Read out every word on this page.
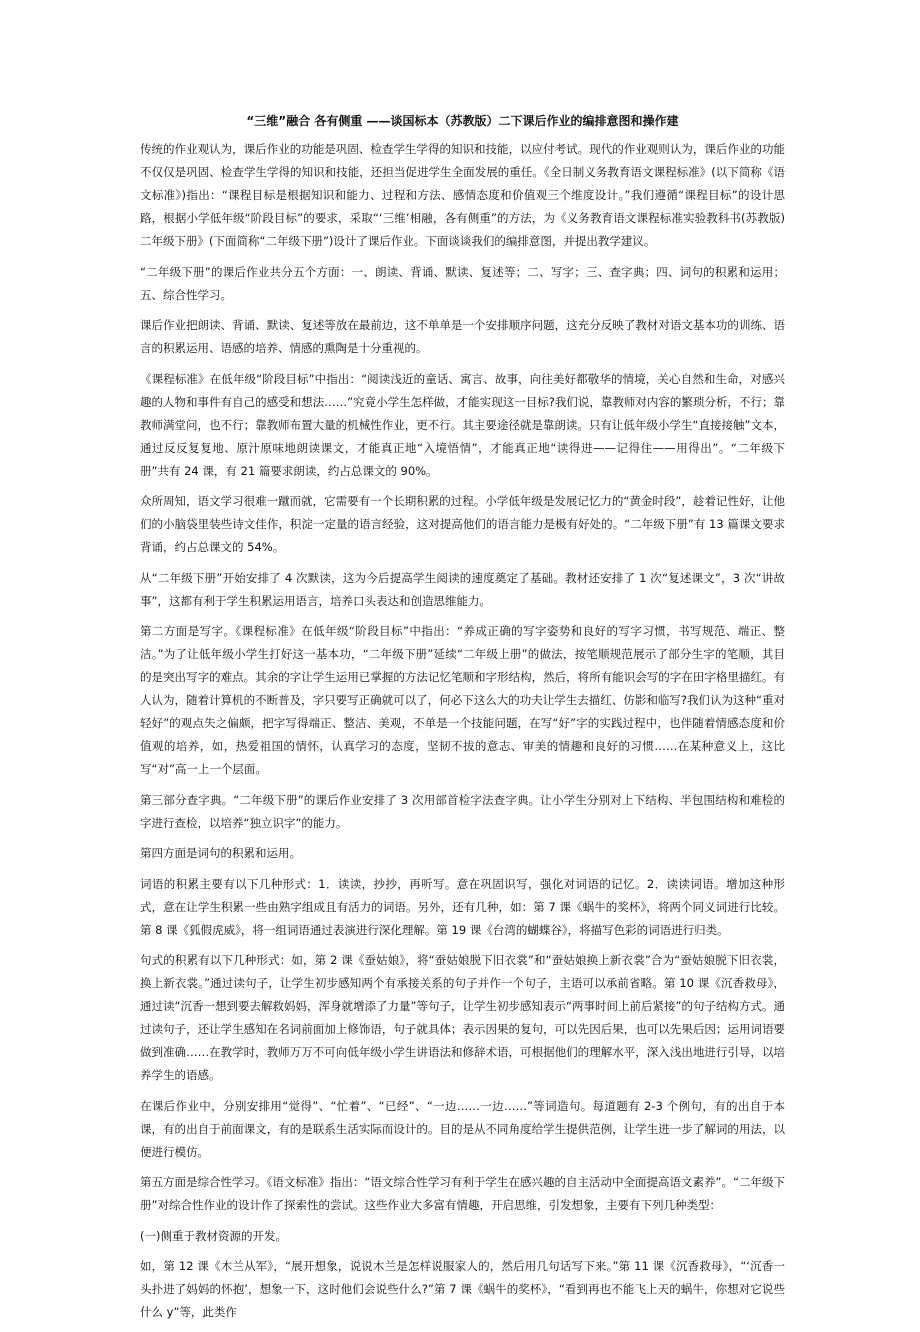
“三维”融合 各有侧重 ——谈国标本（苏教版）二下课后作业的编排意图和操作建

传统的作业观认为，课后作业的功能是巩固、检查学生学得的知识和技能，以应付考试。现代的作业观则认为，课后作业的功能不仅仅是巩固、检查学生学得的知识和技能，还担当促进学生全面发展的重任。《全日制义务教育语文课程标准》(以下简称《语文标准》)指出：“课程目标是根据知识和能力、过程和方法、感情态度和价值观三个维度设计。”我们遵循“课程目标”的设计思路，根据小学低年级“阶段目标”的要求，采取“‘三维’相融，各有侧重”的方法，为《义务教育语文课程标准实验教科书(苏教版)二年级下册》(下面简称“二年级下册”)设计了课后作业。下面谈谈我们的编排意图，并提出教学建议。

“二年级下册”的课后作业共分五个方面：一、朗读、背诵、默读、复述等；二、写字；三、查字典；四、词句的积累和运用；五、综合性学习。

课后作业把朗读、背诵、默读、复述等放在最前边，这不单单是一个安排顺序问题，这充分反映了教材对语文基本功的训练、语言的积累运用、语感的培养、情感的熏陶是十分重视的。

《课程标准》在低年级“阶段目标”中指出：“阅读浅近的童话、寓言、故事，向往美好都敬华的情境，关心自然和生命，对感兴趣的人物和事件有自己的感受和想法……”究竟小学生怎样做，才能实现这一目标?我们说，靠教师对内容的繁琐分析，不行；靠教师满堂问，也不行；靠教师布置大量的机械性作业，更不行。其主要途径就是靠朗读。只有让低年级小学生“直接接触”文本，通过反反复复地、原汁原味地朗读课文，才能真正地“入境悟情”，才能真正地“读得进——记得住——用得出”。“二年级下册”共有 24 课，有 21 篇要求朗读，约占总课文的 90%。

众所周知，语文学习很难一蹴而就，它需要有一个长期积累的过程。小学低年级是发展记忆力的“黄金时段”，趁着记性好，让他们的小脑袋里装些诗文佳作，积淀一定量的语言经验，这对提高他们的语言能力是极有好处的。“二年级下册”有 13 篇课文要求背诵，约占总课文的 54%。

从“二年级下册”开始安排了 4 次默读，这为今后提高学生阅读的速度奠定了基础。教材还安排了 1 次“复述课文”，3 次“讲故事”，这都有利于学生积累运用语言，培养口头表达和创造思维能力。

第二方面是写字。《课程标准》在低年级“阶段目标”中指出：“养成正确的写字姿势和良好的写字习惯，书写规范、端正、整洁。”为了让低年级小学生打好这一基本功，“二年级下册”延续“二年级上册”的做法，按笔顺规范展示了部分生字的笔顺，其目的是突出写字的难点。其余的字让学生运用已掌握的方法记忆笔顺和字形结构，然后，将所有能识会写的字在田字格里描红。有人认为，随着计算机的不断普及，字只要写正确就可以了，何必下这么大的功夫让学生去描红、仿影和临写?我们认为这种“重对轻好”的观点失之偏颇，把字写得端正、整洁、美观，不单是一个技能问题，在写“好”字的实践过程中，也伴随着情感态度和价值观的培养，如，热爱祖国的情怀，认真学习的态度，坚韧不拔的意志、审美的情趣和良好的习惯……在某种意义上，这比写“对”高一上一个层面。

第三部分查字典。“二年级下册”的课后作业安排了 3 次用部首检字法查字典。让小学生分别对上下结构、半包围结构和难检的字进行查检，以培养“独立识字”的能力。

第四方面是词句的积累和运用。

词语的积累主要有以下几种形式：1．读读，抄抄，再听写。意在巩固识写，强化对词语的记忆。2．读读词语。增加这种形式，意在让学生积累一些由熟字组成且有活力的词语。另外，还有几种，如：第 7 课《蜗牛的奖杯》，将两个同义词进行比较。第 8 课《狐假虎威》，将一组词语通过表演进行深化理解。第 19 课《台湾的蝴蝶谷》，将描写色彩的词语进行归类。

句式的积累有以下几种形式：如，第 2 课《蚕姑娘》，将“蚕姑娘脱下旧衣裳”和“蚕姑娘换上新衣裳”合为“蚕姑娘脱下旧衣裳，换上新衣裳。”通过读句子，让学生初步感知两个有承接关系的句子并作一个句子，主语可以承前省略。第 10 课《沉香救母》，通过读“沉香一想到要去解救妈妈，浑身就增添了力量”等句子，让学生初步感知表示“两事时间上前后紧接”的句子结构方式。通过读句子，还让学生感知在名词前面加上修饰语，句子就具体；表示因果的复句，可以先因后果，也可以先果后因；运用词语要做到准确……在教学时，教师万万不可向低年级小学生讲语法和修辞术语，可根据他们的理解水平，深入浅出地进行引导，以培养学生的语感。

在课后作业中，分别安排用“觉得”、“忙着”、“已经”、“一边……一边……”等词造句。每道题有 2-3 个例句，有的出自于本课，有的出自于前面课文，有的是联系生活实际而设计的。目的是从不同角度给学生提供范例，让学生进一步了解词的用法，以便进行模仿。

第五方面是综合性学习。《语文标准》指出：“语文综合性学习有利于学生在感兴趣的自主活动中全面提高语文素养”。“二年级下册”对综合性作业的设计作了探索性的尝试。这些作业大多富有情趣，开启思维，引发想象，主要有下列几种类型：

(一)侧重于教材资源的开发。

如，第 12 课《木兰从军》，“展开想象，说说木兰是怎样说服家人的，然后用几句话写下来。”第 11 课《沉香救母》，“‘沉香一头扑进了妈妈的怀抱’，想象一下，这时他们会说些什么?”第 7 课《蜗牛的奖杯》，“看到再也不能飞上天的蜗牛，你想对它说些什么 y”等，此类作
